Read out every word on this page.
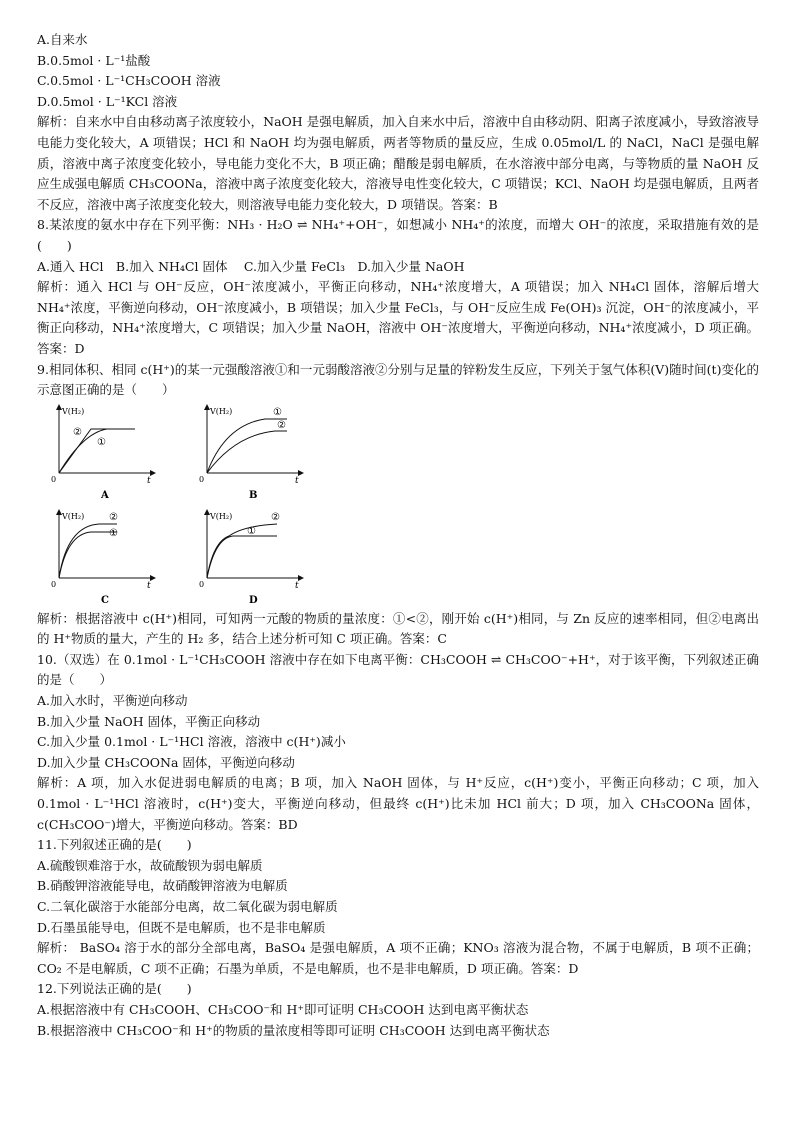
A.自来水
B.0.5mol · L⁻¹盐酸
C.0.5mol · L⁻¹CH₃COOH 溶液
D.0.5mol · L⁻¹KCl 溶液
解析：自来水中自由移动离子浓度较小，NaOH 是强电解质，加入自来水中后，溶液中自由移动阴、阳离子浓度减小，导致溶液导电能力变化较大，A 项错误；HCl 和 NaOH 均为强电解质，两者等物质的量反应，生成 0.05mol/L 的 NaCl，NaCl 是强电解质，溶液中离子浓度变化较小，导电能力变化不大，B 项正确；醋酸是弱电解质，在水溶液中部分电离，与等物质的量 NaOH 反应生成强电解质 CH₃COONa，溶液中离子浓度变化较大，溶液导电性变化较大，C 项错误；KCl、NaOH 均是强电解质，且两者不反应，溶液中离子浓度变化较大，则溶液导电能力变化较大，D 项错误。答案：B
8.某浓度的氨水中存在下列平衡：NH₃ · H₂O ⇌ NH₄⁺+OH⁻，如想减小 NH₄⁺的浓度，而增大 OH⁻的浓度，采取措施有效的是(　　)
A.通入 HCl　B.加入 NH₄Cl 固体　 C.加入少量 FeCl₃　D.加入少量 NaOH
解析：通入 HCl 与 OH⁻反应，OH⁻浓度减小，平衡正向移动，NH₄⁺浓度增大，A 项错误；加入 NH₄Cl 固体，溶解后增大 NH₄⁺浓度，平衡逆向移动，OH⁻浓度减小，B 项错误；加入少量 FeCl₃，与 OH⁻反应生成 Fe(OH)₃ 沉淀，OH⁻的浓度减小，平衡正向移动，NH₄⁺浓度增大，C 项错误；加入少量 NaOH，溶液中 OH⁻浓度增大，平衡逆向移动，NH₄⁺浓度减小，D 项正确。答案：D
9.相同体积、相同 c(H⁺)的某一元强酸溶液①和一元弱酸溶液②分别与足量的锌粉发生反应，下列关于氢气体积(V)随时间(t)变化的示意图正确的是（　　）
V(H₂)
t
0
②
①
A
V(H₂)
t
0
①
②
B
V(H₂)
t
0
②
①
C
V(H₂)
t
0
②
①
D
解析：根据溶液中 c(H⁺)相同，可知两一元酸的物质的量浓度：①<②，刚开始 c(H⁺)相同，与 Zn 反应的速率相同，但②电离出的 H⁺物质的量大，产生的 H₂ 多，结合上述分析可知 C 项正确。答案：C
10.（双选）在 0.1mol · L⁻¹CH₃COOH 溶液中存在如下电离平衡：CH₃COOH ⇌ CH₃COO⁻+H⁺，对于该平衡，下列叙述正确的是（　　）
A.加入水时，平衡逆向移动
B.加入少量 NaOH 固体，平衡正向移动
C.加入少量 0.1mol · L⁻¹HCl 溶液，溶液中 c(H⁺)减小
D.加入少量 CH₃COONa 固体，平衡逆向移动
解析：A 项，加入水促进弱电解质的电离；B 项，加入 NaOH 固体，与 H⁺反应，c(H⁺)变小，平衡正向移动；C 项，加入 0.1mol · L⁻¹HCl 溶液时，c(H⁺)变大，平衡逆向移动，但最终 c(H⁺)比未加 HCl 前大；D 项，加入 CH₃COONa 固体，c(CH₃COO⁻)增大，平衡逆向移动。答案：BD
11.下列叙述正确的是(　　)
A.硫酸钡难溶于水，故硫酸钡为弱电解质
B.硝酸钾溶液能导电，故硝酸钾溶液为电解质
C.二氧化碳溶于水能部分电离，故二氧化碳为弱电解质
D.石墨虽能导电，但既不是电解质，也不是非电解质
解析： BaSO₄ 溶于水的部分全部电离，BaSO₄ 是强电解质，A 项不正确；KNO₃ 溶液为混合物，不属于电解质，B 项不正确；CO₂ 不是电解质，C 项不正确；石墨为单质，不是电解质，也不是非电解质，D 项正确。答案：D
12.下列说法正确的是(　　)
A.根据溶液中有 CH₃COOH、CH₃COO⁻和 H⁺即可证明 CH₃COOH 达到电离平衡状态
B.根据溶液中 CH₃COO⁻和 H⁺的物质的量浓度相等即可证明 CH₃COOH 达到电离平衡状态
